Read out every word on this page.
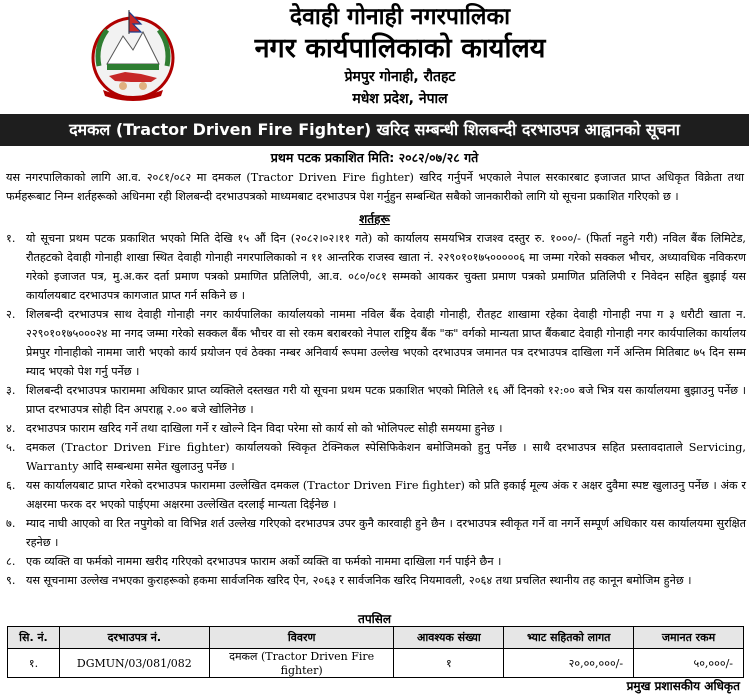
देवाही गोनाही नगरपालिका
नगर कार्यपालिकाको कार्यालय
प्रेमपुर गोनाही, रौतहट
मधेश प्रदेश, नेपाल
दमकल (Tractor Driven Fire Fighter) खरिद सम्बन्धी शिलबन्दी दरभाउपत्र आह्वानको सूचना
प्रथम पटक प्रकाशित मिति: २०८२/०७/२८ गते
यस नगरपालिकाको लागि आ.व. २०८१/०८२ मा दमकल (Tractor Driven Fire fighter) खरिद गर्नुपर्ने भएकाले नेपाल सरकारबाट इजाजत प्राप्त अधिकृत विक्रेता तथा फर्महरूबाट निम्न शर्तहरूको अधिनमा रही शिलबन्दी दरभाउपत्रको माध्यमबाट दरभाउपत्र पेश गर्नुहुन सम्बन्धित सबैको जानकारीको लागि यो सूचना प्रकाशित गरिएको छ ।
शर्तहरू
१. यो सूचना प्रथम पटक प्रकाशित भएको मिति देखि १५ औं दिन (२०८२।०२।११ गते) को कार्यालय समयभित्र राजश्व दस्तुर रु. १०००/- (फिर्ता नहुने गरी) नविल बैंक लिमिटेड, रौतहटको देवाही गोनाही शाखा स्थित देवाही गोनाही नगरपालिकाको न ११ आन्तरिक राजस्व खाता नं. २२९०१०१७५०००००६ मा जम्मा गरेको सक्कल भौचर, अध्यावधिक नविकरण गरेको इजाजत पत्र, मु.अ.कर दर्ता प्रमाण पत्रको प्रमाणित प्रतिलिपी, आ.व. ०८०/०८१ सम्मको आयकर चुक्ता प्रमाण पत्रको प्रमाणित प्रतिलिपी र निवेदन सहित बुझाई यस कार्यालयबाट दरभाउपत्र कागजात प्राप्त गर्न सकिने छ ।
२. शिलबन्दी दरभाउपत्र साथ देवाही गोनाही नगर कार्यपालिका कार्यालयको नाममा नविल बैंक देवाही गोनाही, रौतहट शाखामा रहेका देवाही गोनाही नपा ग ३ धरौटी खाता न. २२९०१०१७५०००२४ मा नगद जम्मा गरेको सक्कल बैंक भौचर वा सो रकम बराबरको नेपाल राष्ट्रिय बैंक "क" वर्गको मान्यता प्राप्त बैंकबाट देवाही गोनाही नगर कार्यपालिका कार्यालय प्रेमपुर गोनाहीको नाममा जारी भएको कार्य प्रयोजन एवं ठेक्का नम्बर अनिवार्य रूपमा उल्लेख भएको दरभाउपत्र जमानत पत्र दरभाउपत्र दाखिला गर्ने अन्तिम मितिबाट ७५ दिन सम्म म्याद भएको पेश गर्नु पर्नेछ ।
३. शिलबन्दी दरभाउपत्र फाराममा अधिकार प्राप्त व्यक्तिले दस्तखत गरी यो सूचना प्रथम पटक प्रकाशित भएको मितिले १६ औं दिनको १२:०० बजे भित्र यस कार्यालयमा बुझाउनु पर्नेछ । प्राप्त दरभाउपत्र सोही दिन अपराह्न २.०० बजे खोलिनेछ ।
४. दरभाउपत्र फाराम खरिद गर्ने तथा दाखिला गर्ने र खोल्ने दिन विदा परेमा सो कार्य सो को भोलिपल्ट सोही समयमा हुनेछ ।
५. दमकल (Tractor Driven Fire fighter) कार्यालयको स्विकृत टेक्निकल स्पेसिफिकेशन बमोजिमको हुनु पर्नेछ । साथै दरभाउपत्र सहित प्रस्तावदाताले Servicing, Warranty आदि सम्बन्धमा समेत खुलाउनु पर्नेछ ।
६. यस कार्यालयबाट प्राप्त गरेको दरभाउपत्र फाराममा उल्लेखित दमकल (Tractor Driven Fire fighter) को प्रति इकाई मूल्य अंक र अक्षर दुवैमा स्पष्ट खुलाउनु पर्नेछ । अंक र अक्षरमा फरक दर भएको पाईएमा अक्षरमा उल्लेखित दरलाई मान्यता दिईनेछ ।
७. म्याद नाघी आएको वा रित नपुगेको वा विभिन्न शर्त उल्लेख गरिएको दरभाउपत्र उपर कुनै कारवाही हुने छैन । दरभाउपत्र स्वीकृत गर्ने वा नगर्ने सम्पूर्ण अधिकार यस कार्यालयमा सुरक्षित रहनेछ ।
८. एक व्यक्ति वा फर्मको नाममा खरीद गरिएको दरभाउपत्र फाराम अर्को व्यक्ति वा फर्मको नाममा दाखिला गर्न पाईने छैन ।
९. यस सूचनामा उल्लेख नभएका कुराहरूको हकमा सार्वजनिक खरिद ऐन, २०६३ र सार्वजनिक खरिद नियमावली, २०६४ तथा प्रचलित स्थानीय तह कानून बमोजिम हुनेछ ।
तपसिल
सि. नं.	दरभाउपत्र नं.	विवरण	आवश्यक संख्या	भ्याट सहितको लागत	जमानत रकम
१.	DGMUN/03/081/082	दमकल (Tractor Driven Fire fighter)	१	२०,००,०००/-	५०,०००/-
प्रमुख प्रशासकीय अधिकृत
